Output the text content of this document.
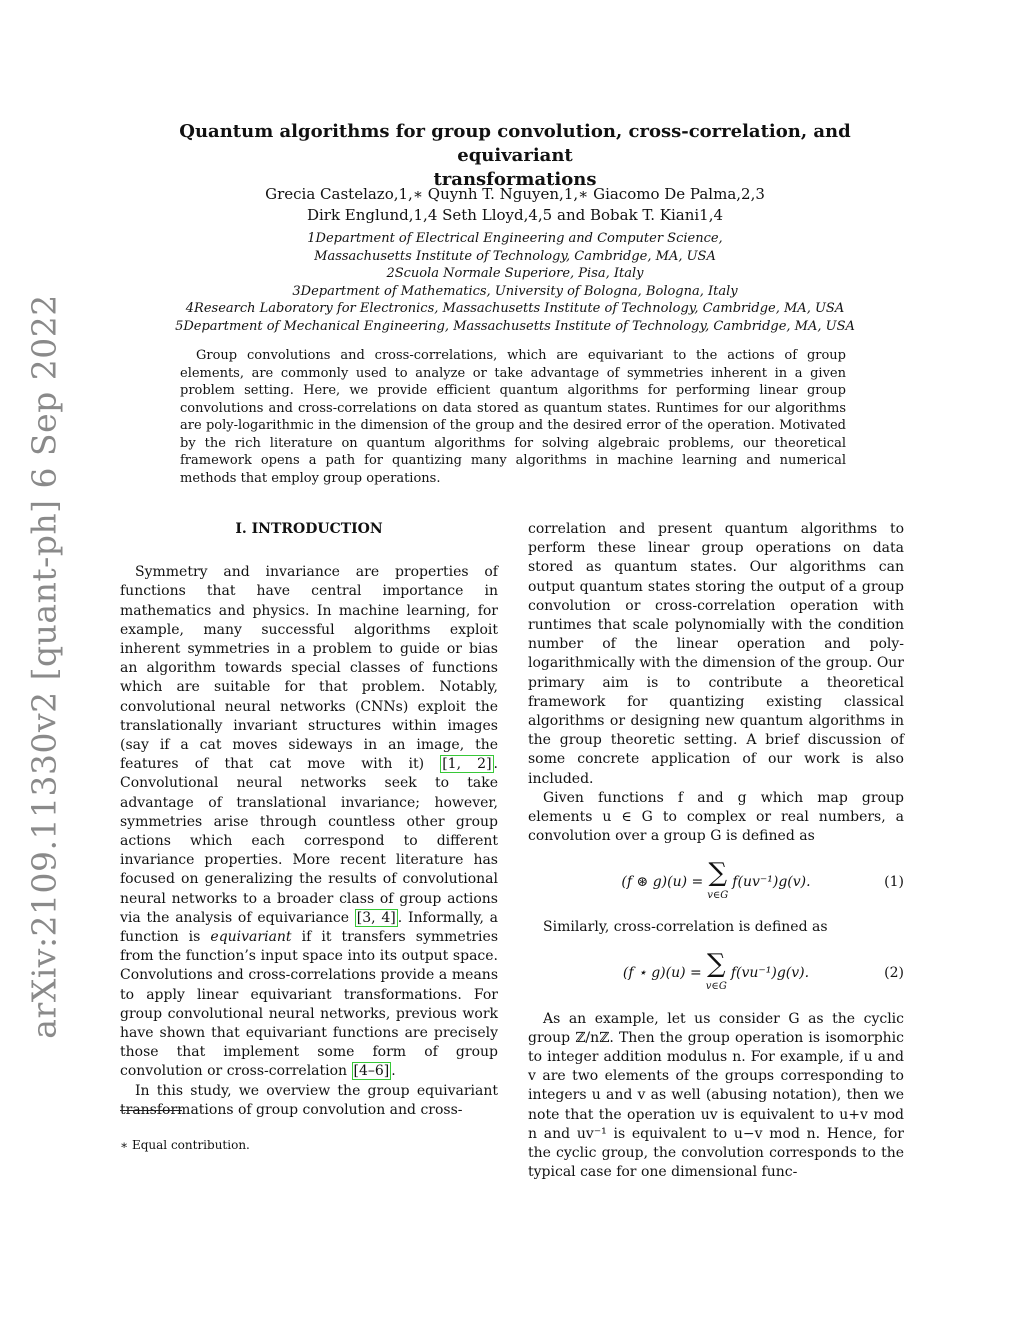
arXiv:2109.11330v2 [quant-ph] 6 Sep 2022
Quantum algorithms for group convolution, cross-correlation, and equivariant
transformations
Grecia Castelazo,1,∗ Quynh T. Nguyen,1,∗ Giacomo De Palma,2,3
Dirk Englund,1,4 Seth Lloyd,4,5 and Bobak T. Kiani1,4
1Department of Electrical Engineering and Computer Science,
Massachusetts Institute of Technology, Cambridge, MA, USA
2Scuola Normale Superiore, Pisa, Italy
3Department of Mathematics, University of Bologna, Bologna, Italy
4Research Laboratory for Electronics, Massachusetts Institute of Technology, Cambridge, MA, USA
5Department of Mechanical Engineering, Massachusetts Institute of Technology, Cambridge, MA, USA

Group convolutions and cross-correlations, which are equivariant to the actions of group elements, are commonly used to analyze or take advantage of symmetries inherent in a given problem setting. Here, we provide efficient quantum algorithms for performing linear group convolutions and cross-correlations on data stored as quantum states. Runtimes for our algorithms are poly-logarithmic in the dimension of the group and the desired error of the operation. Motivated by the rich literature on quantum algorithms for solving algebraic problems, our theoretical framework opens a path for quantizing many algorithms in machine learning and numerical methods that employ group operations.

I. INTRODUCTION

Symmetry and invariance are properties of functions that have central importance in mathematics and physics. In machine learning, for example, many successful algorithms exploit inherent symmetries in a problem to guide or bias an algorithm towards special classes of functions which are suitable for that problem. Notably, convolutional neural networks (CNNs) exploit the translationally invariant structures within images (say if a cat moves sideways in an image, the features of that cat move with it) [1, 2] . Convolutional neural networks seek to take advantage of translational invariance; however, symmetries arise through countless other group actions which each correspond to different invariance properties. More recent literature has focused on generalizing the results of convolutional neural networks to a broader class of group actions via the analysis of equivariance [3, 4] . Informally, a function is equivariant if it transfers symmetries from the function’s input space into its output space. Convolutions and cross-correlations provide a means to apply linear equivariant transformations. For group convolutional neural networks, previous work have shown that equivariant functions are precisely those that implement some form of group convolution or cross-correlation [4–6] .

In this study, we overview the group equivariant transformations of group convolution and cross-

correlation and present quantum algorithms to perform these linear group operations on data stored as quantum states. Our algorithms can output quantum states storing the output of a group convolution or cross-correlation operation with runtimes that scale polynomially with the condition number of the linear operation and poly-logarithmically with the dimension of the group. Our primary aim is to contribute a theoretical framework for quantizing existing classical algorithms or designing new quantum algorithms in the group theoretic setting. A brief discussion of some concrete application of our work is also included.

Given functions f and g which map group elements u ∈ G to complex or real numbers, a convolution over a group G is defined as

(f ⊛ g)(u) = ∑
v∈G
f(uv⁻¹)g(v).	(1)

Similarly, cross-correlation is defined as

(f ⋆ g)(u) = ∑
v∈G
f(vu⁻¹)g(v).	(2)

As an example, let us consider G as the cyclic group ℤ/nℤ. Then the group operation is isomorphic to integer addition modulus n. For example, if u and v are two elements of the groups corresponding to integers u and v as well (abusing notation), then we note that the operation uv is equivalent to u+v mod n and uv⁻¹ is equivalent to u−v mod n. Hence, for the cyclic group, the convolution corresponds to the typical case for one dimensional func-

∗ Equal contribution.
